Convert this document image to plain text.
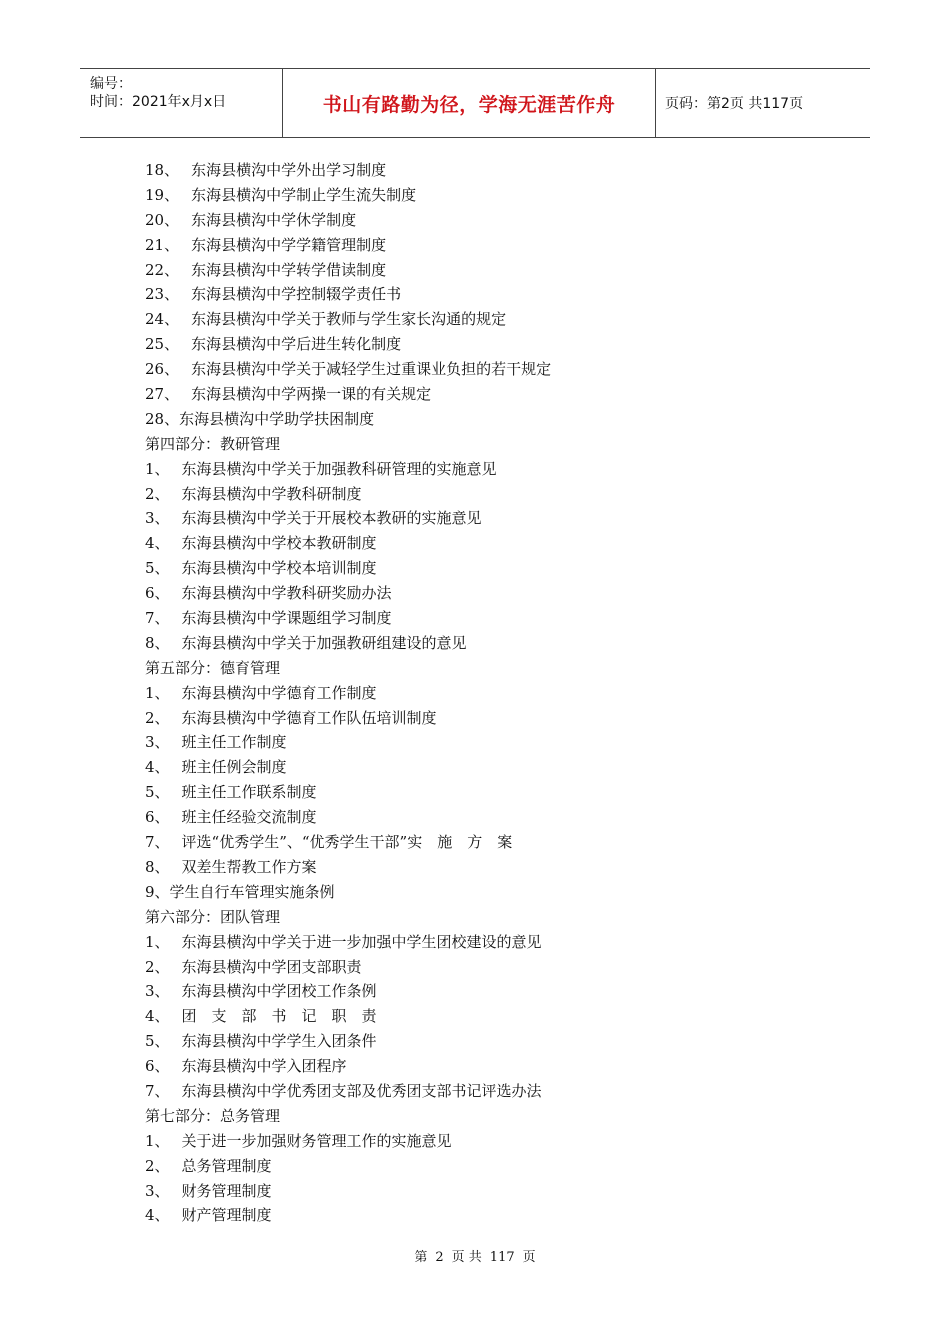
编号：
时间：2021年x月x日	书山有路勤为径，学海无涯苦作舟	页码：第2页 共117页
18、 东海县横沟中学外出学习制度
19、 东海县横沟中学制止学生流失制度
20、 东海县横沟中学休学制度
21、 东海县横沟中学学籍管理制度
22、 东海县横沟中学转学借读制度
23、 东海县横沟中学控制辍学责任书
24、 东海县横沟中学关于教师与学生家长沟通的规定
25、 东海县横沟中学后进生转化制度
26、 东海县横沟中学关于减轻学生过重课业负担的若干规定
27、 东海县横沟中学两操一课的有关规定
28、东海县横沟中学助学扶困制度
第四部分：教研管理
1、 东海县横沟中学关于加强教科研管理的实施意见
2、 东海县横沟中学教科研制度
3、 东海县横沟中学关于开展校本教研的实施意见
4、 东海县横沟中学校本教研制度
5、 东海县横沟中学校本培训制度
6、 东海县横沟中学教科研奖励办法
7、 东海县横沟中学课题组学习制度
8、 东海县横沟中学关于加强教研组建设的意见
第五部分：德育管理
1、 东海县横沟中学德育工作制度
2、 东海县横沟中学德育工作队伍培训制度
3、 班主任工作制度
4、 班主任例会制度
5、 班主任工作联系制度
6、 班主任经验交流制度
7、 评选“优秀学生”、“优秀学生干部”实　施　方　案
8、 双差生帮教工作方案
9、学生自行车管理实施条例
第六部分：团队管理
1、 东海县横沟中学关于进一步加强中学生团校建设的意见
2、 东海县横沟中学团支部职责
3、 东海县横沟中学团校工作条例
4、 团　支　部　书　记　职　责
5、 东海县横沟中学学生入团条件
6、 东海县横沟中学入团程序
7、 东海县横沟中学优秀团支部及优秀团支部书记评选办法
第七部分：总务管理
1、 关于进一步加强财务管理工作的实施意见
2、 总务管理制度
3、 财务管理制度
4、 财产管理制度
第 2 页 共 117 页
